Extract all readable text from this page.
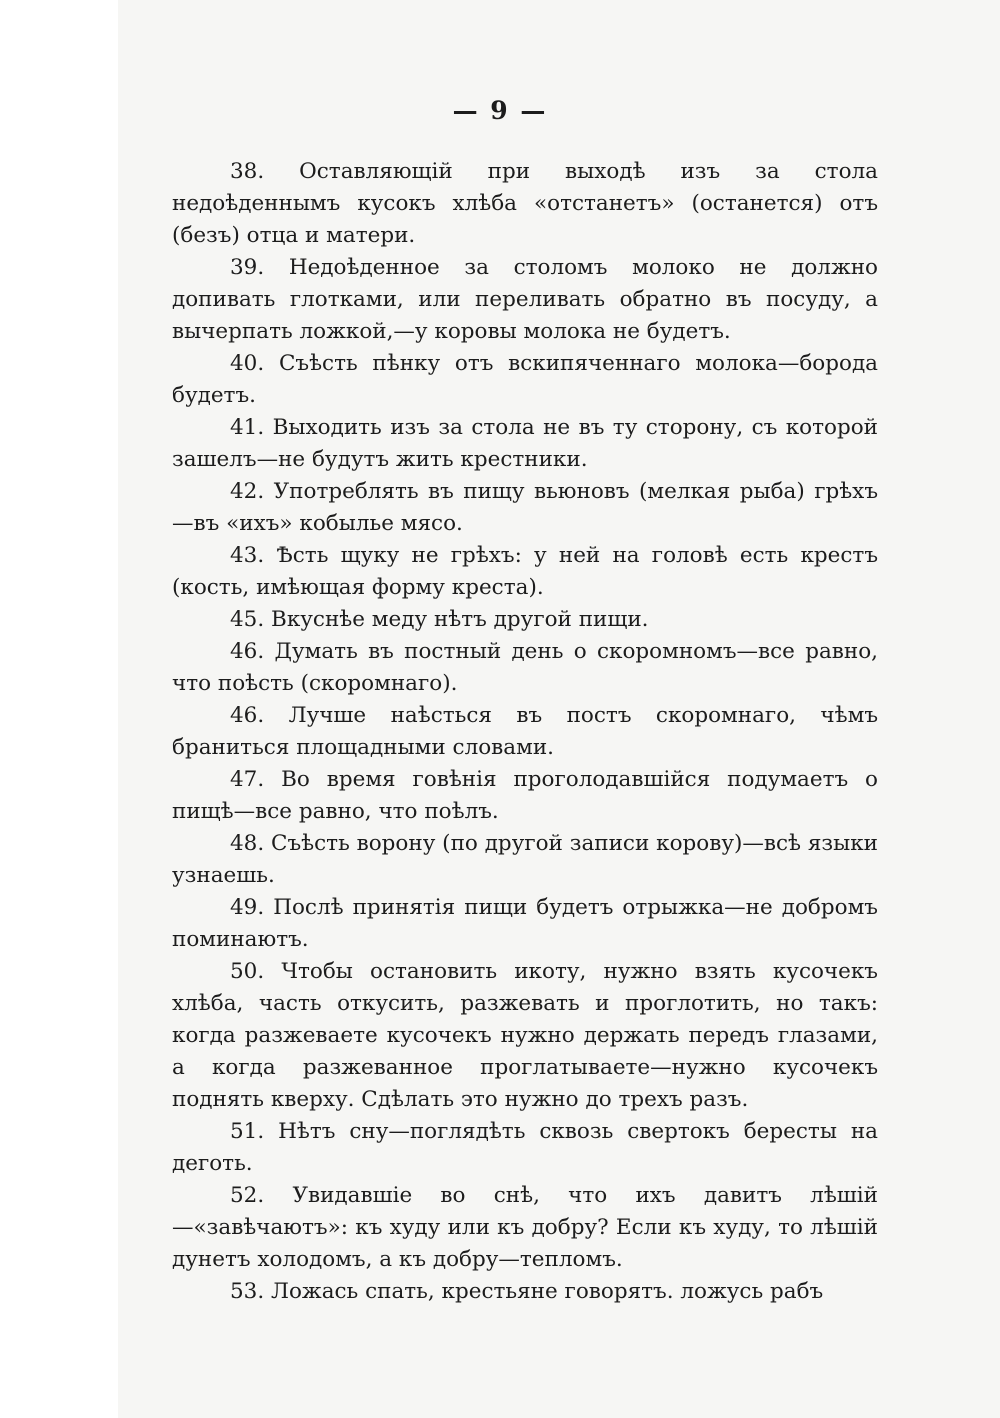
— 9 —

38. Оставляющій при выходѣ изъ за стола недоѣденнымъ кусокъ хлѣба «отстанетъ» (останется) отъ (безъ) отца и матери.

39. Недоѣденное за столомъ молоко не должно допивать глотками, или переливать обратно въ посуду, а вычерпать ложкой,—у коровы молока не будетъ.

40. Съѣсть пѣнку отъ вскипяченнаго молока—борода будетъ.

41. Выходить изъ за стола не въ ту сторону, съ которой зашелъ—не будутъ жить крестники.

42. Употреблять въ пищу вьюновъ (мелкая рыба) грѣхъ—въ «ихъ» кобылье мясо.

43. Ѣсть щуку не грѣхъ: у ней на головѣ есть крестъ (кость, имѣющая форму креста).

45. Вкуснѣе меду нѣтъ другой пищи.

46. Думать въ постный день о скоромномъ—все равно, что поѣсть (скоромнаго).

46. Лучше наѣсться въ постъ скоромнаго, чѣмъ браниться площадными словами.

47. Во время говѣнія проголодавшійся подумаетъ о пищѣ—все равно, что поѣлъ.

48. Съѣсть ворону (по другой записи корову)—всѣ языки узнаешь.

49. Послѣ принятія пищи будетъ отрыжка—не добромъ поминаютъ.

50. Чтобы остановить икоту, нужно взять кусочекъ хлѣба, часть откусить, разжевать и проглотить, но такъ: когда разжеваете кусочекъ нужно держать передъ глазами, а когда разжеванное проглатываете—нужно кусочекъ поднять кверху. Сдѣлать это нужно до трехъ разъ.

51. Нѣтъ сну—поглядѣть сквозь свертокъ бересты на деготь.

52. Увидавшіе во снѣ, что ихъ давитъ лѣшій—«завѣчаютъ»: къ худу или къ добру? Если къ худу, то лѣшій дунетъ холодомъ, а къ добру—тепломъ.

53. Ложась спать, крестьяне говорятъ. ложусь рабъ
